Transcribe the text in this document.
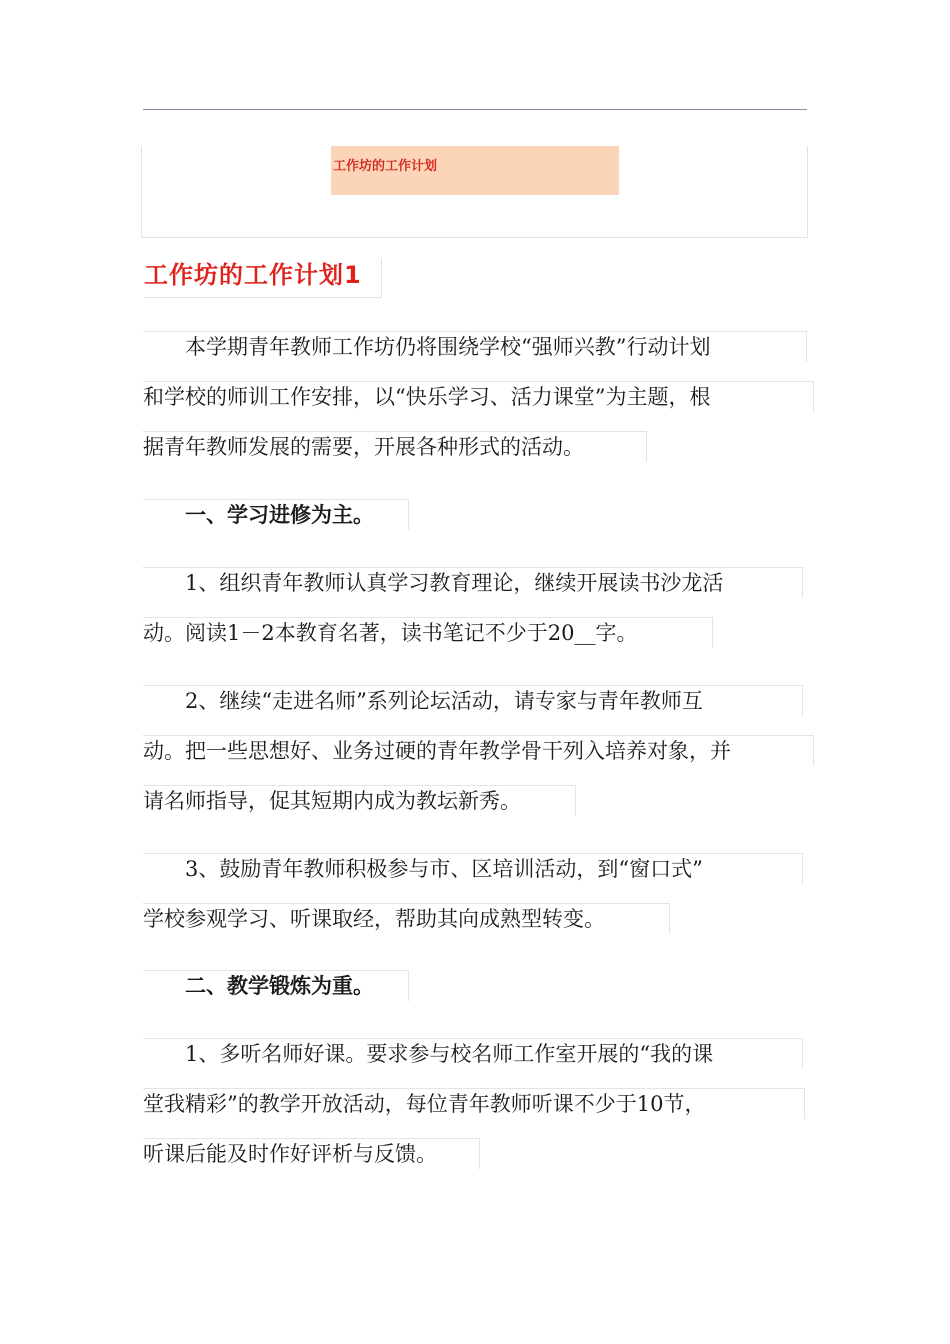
工作坊的工作计划
工作坊的工作计划1
　　本学期青年教师工作坊仍将围绕学校“强师兴教”行动计划
和学校的师训工作安排，以“快乐学习、活力课堂”为主题，根
据青年教师发展的需要，开展各种形式的活动。
　　一、学习进修为主。
　　1、组织青年教师认真学习教育理论，继续开展读书沙龙活
动。阅读1－2本教育名著，读书笔记不少于20__字。
　　2、继续“走进名师”系列论坛活动，请专家与青年教师互
动。把一些思想好、业务过硬的青年教学骨干列入培养对象，并
请名师指导，促其短期内成为教坛新秀。
　　3、鼓励青年教师积极参与市、区培训活动，到“窗口式”
学校参观学习、听课取经，帮助其向成熟型转变。
　　二、教学锻炼为重。
　　1、多听名师好课。要求参与校名师工作室开展的“我的课
堂我精彩”的教学开放活动，每位青年教师听课不少于10节，
听课后能及时作好评析与反馈。
